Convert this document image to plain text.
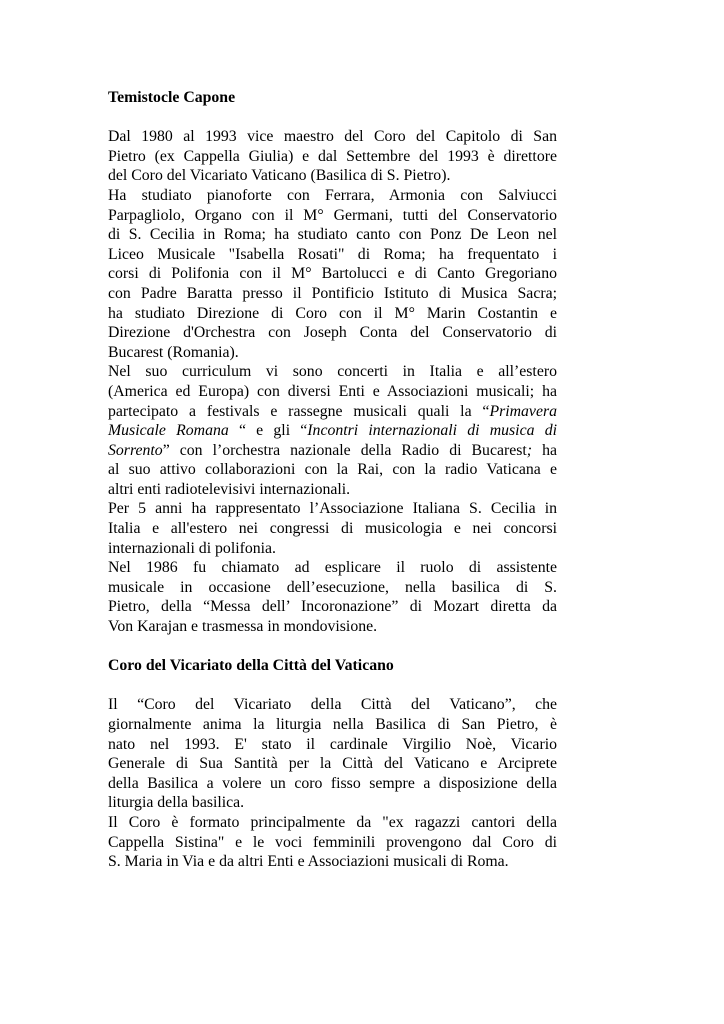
Temistocle Capone
Dal 1980 al 1993 vice maestro del Coro del Capitolo di San
Pietro (ex Cappella Giulia) e dal Settembre del 1993 è direttore
del Coro del Vicariato Vaticano (Basilica di S. Pietro).
Ha studiato pianoforte con Ferrara, Armonia con Salviucci
Parpagliolo, Organo con il M° Germani, tutti del Conservatorio
di S. Cecilia in Roma; ha studiato canto con Ponz De Leon nel
Liceo Musicale "Isabella Rosati" di Roma; ha frequentato i
corsi di Polifonia con il M° Bartolucci e di Canto Gregoriano
con Padre Baratta presso il Pontificio Istituto di Musica Sacra;
ha studiato Direzione di Coro con il M° Marin Costantin e
Direzione d'Orchestra con Joseph Conta del Conservatorio di
Bucarest (Romania).
Nel suo curriculum vi sono concerti in Italia e all’estero
(America ed Europa) con diversi Enti e Associazioni musicali; ha
partecipato a festivals e rassegne musicali quali la “Primavera
Musicale Romana “ e gli “Incontri internazionali di musica di
Sorrento” con l’orchestra nazionale della Radio di Bucarest; ha
al suo attivo collaborazioni con la Rai, con la radio Vaticana e
altri enti radiotelevisivi internazionali.
Per 5 anni ha rappresentato l’Associazione Italiana S. Cecilia in
Italia e all'estero nei congressi di musicologia e nei concorsi
internazionali di polifonia.
Nel 1986 fu chiamato ad esplicare il ruolo di assistente
musicale in occasione dell’esecuzione, nella basilica di S.
Pietro, della “Messa dell’ Incoronazione” di Mozart diretta da
Von Karajan e trasmessa in mondovisione.
Coro del Vicariato della Città del Vaticano
Il “Coro del Vicariato della Città del Vaticano”, che
giornalmente anima la liturgia nella Basilica di San Pietro, è
nato nel 1993. E' stato il cardinale Virgilio Noè, Vicario
Generale di Sua Santità per la Città del Vaticano e Arciprete
della Basilica a volere un coro fisso sempre a disposizione della
liturgia della basilica.
Il Coro è formato principalmente da "ex ragazzi cantori della
Cappella Sistina" e le voci femminili provengono dal Coro di
S. Maria in Via e da altri Enti e Associazioni musicali di Roma.
